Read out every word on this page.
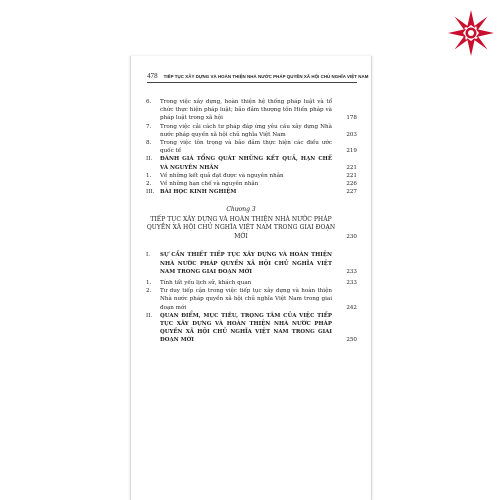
478 TIẾP TỤC XÂY DỰNG VÀ HOÀN THIỆN NHÀ NƯỚC PHÁP QUYỀN XÃ HỘI CHỦ NGHĨA VIỆT NAM
6.	Trong việc xây dựng, hoàn thiện hệ thống pháp luật và tổ chức thực hiện pháp luật; bảo đảm thượng tôn Hiến pháp và pháp luật trong xã hội	178
7.	Trong việc cải cách tư pháp đáp ứng yêu cầu xây dựng Nhà nước pháp quyền xã hội chủ nghĩa Việt Nam	203
8.	Trong việc tôn trọng và bảo đảm thực hiện các điều ước quốc tế	219
II.	ĐÁNH GIÁ TỔNG QUÁT NHỮNG KẾT QUẢ, HẠN CHẾ VÀ NGUYÊN NHÂN	221
1.	Về những kết quả đạt được và nguyên nhân	221
2.	Về những hạn chế và nguyên nhân	226
III.	BÀI HỌC KINH NGHIỆM	227
Chương 3
TIẾP TỤC XÂY DỰNG VÀ HOÀN THIỆN NHÀ NƯỚC PHÁP QUYỀN XÃ HỘI CHỦ NGHĨA VIỆT NAM TRONG GIAI ĐOẠN MỚI	230
I.	SỰ CẦN THIẾT TIẾP TỤC XÂY DỰNG VÀ HOÀN THIỆN NHÀ NƯỚC PHÁP QUYỀN XÃ HỘI CHỦ NGHĨA VIỆT NAM TRONG GIAI ĐOẠN MỚI	233
1.	Tính tất yếu lịch sử, khách quan	233
2.	Tư duy tiếp cận trong việc tiếp tục xây dựng và hoàn thiện Nhà nước pháp quyền xã hội chủ nghĩa Việt Nam trong giai đoạn mới	242
II.	QUAN ĐIỂM, MỤC TIÊU, TRỌNG TÂM CỦA VIỆC TIẾP TỤC XÂY DỰNG VÀ HOÀN THIỆN NHÀ NƯỚC PHÁP QUYỀN XÃ HỘI CHỦ NGHĨA VIỆT NAM TRONG GIAI ĐOẠN MỚI	250
